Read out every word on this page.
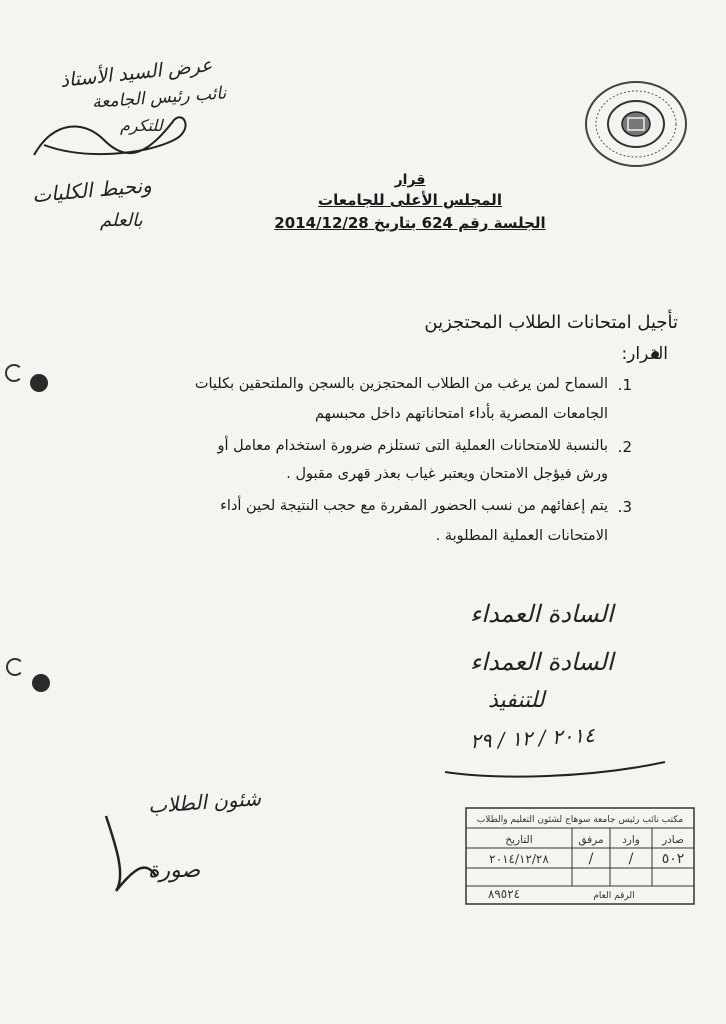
عرض السيد الأستاذ
نائب رئيس الجامعة
للتكرم
ونحيط الكليات
بالعلم
قرار
المجلس الأعلى للجامعات
الجلسة رقم 624 بتاريخ 2014/12/28
تأجيل امتحانات الطلاب المحتجزين
القرار:
1.
السماح لمن يرغب من الطلاب المحتجزين بالسجن والملتحقين بكليات
الجامعات المصرية بأداء امتحاناتهم داخل محبسهم
2.
بالنسبة للامتحانات العملية التى تستلزم ضرورة استخدام معامل أو
ورش فيؤجل الامتحان ويعتبر غياب بعذر قهرى مقبول .
3.
يتم إعفائهم من نسب الحضور المقررة مع حجب النتيجة لحين أداء
الامتحانات العملية المطلوبة .
السادة العمداء
السادة العمداء
للتنفيذ
٢٠١٤ / ١٢ / ٢٩
شئون الطلاب
صورة
مكتب نائب رئيس جامعة سوهاج لشئون التعليم والطلاب
صادر
وارد
مرفق
التاريخ
٥٠٢
/
/
٢٠١٤/١٢/٢٨
الرقم العام
٨٩٥٢٤
